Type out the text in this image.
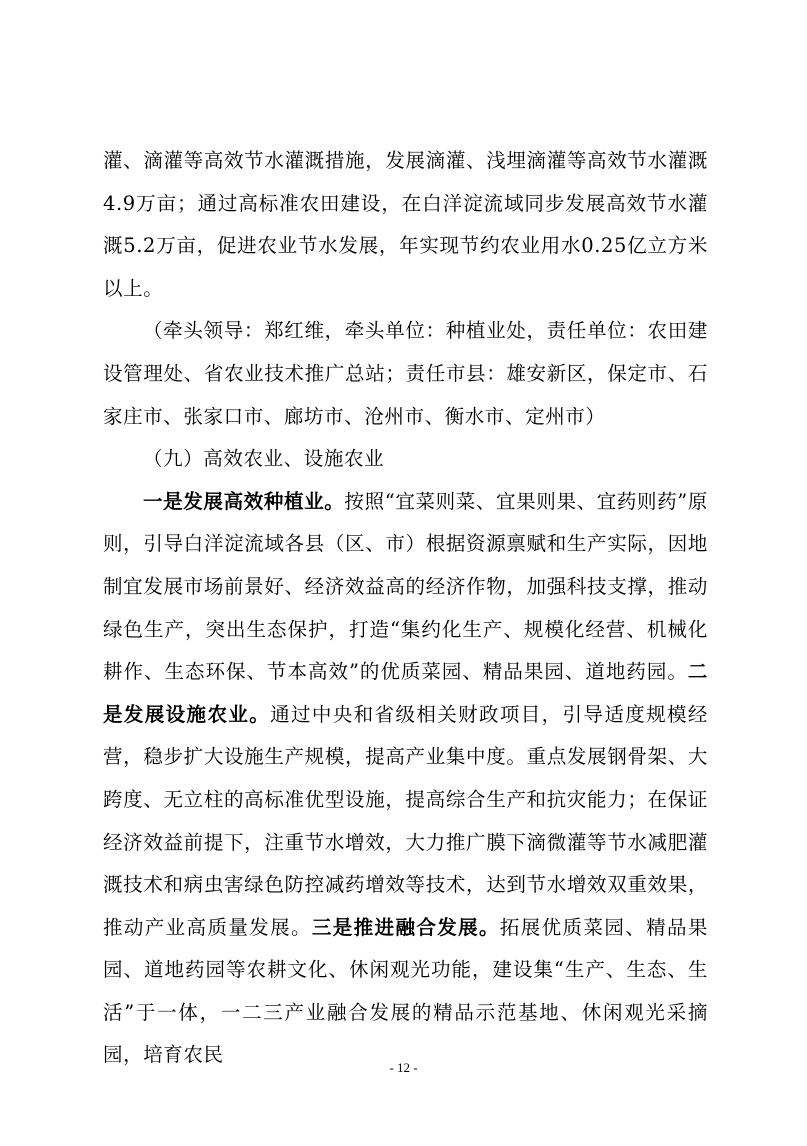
灌、滴灌等高效节水灌溉措施，发展滴灌、浅埋滴灌等高效节水灌溉4.9万亩；通过高标准农田建设，在白洋淀流域同步发展高效节水灌溉5.2万亩，促进农业节水发展，年实现节约农业用水0.25亿立方米以上。

（牵头领导：郑红维，牵头单位：种植业处，责任单位：农田建设管理处、省农业技术推广总站；责任市县：雄安新区，保定市、石家庄市、张家口市、廊坊市、沧州市、衡水市、定州市）

（九）高效农业、设施农业

一是发展高效种植业。按照“宜菜则菜、宜果则果、宜药则药”原则，引导白洋淀流域各县（区、市）根据资源禀赋和生产实际，因地制宜发展市场前景好、经济效益高的经济作物，加强科技支撑，推动绿色生产，突出生态保护，打造“集约化生产、规模化经营、机械化耕作、生态环保、节本高效”的优质菜园、精品果园、道地药园。二是发展设施农业。通过中央和省级相关财政项目，引导适度规模经营，稳步扩大设施生产规模，提高产业集中度。重点发展钢骨架、大跨度、无立柱的高标准优型设施，提高综合生产和抗灾能力；在保证经济效益前提下，注重节水增效，大力推广膜下滴微灌等节水减肥灌溉技术和病虫害绿色防控减药增效等技术，达到节水增效双重效果，推动产业高质量发展。三是推进融合发展。拓展优质菜园、精品果园、道地药园等农耕文化、休闲观光功能，建设集“生产、生态、生活”于一体，一二三产业融合发展的精品示范基地、休闲观光采摘园，培育农民

- 12 -
